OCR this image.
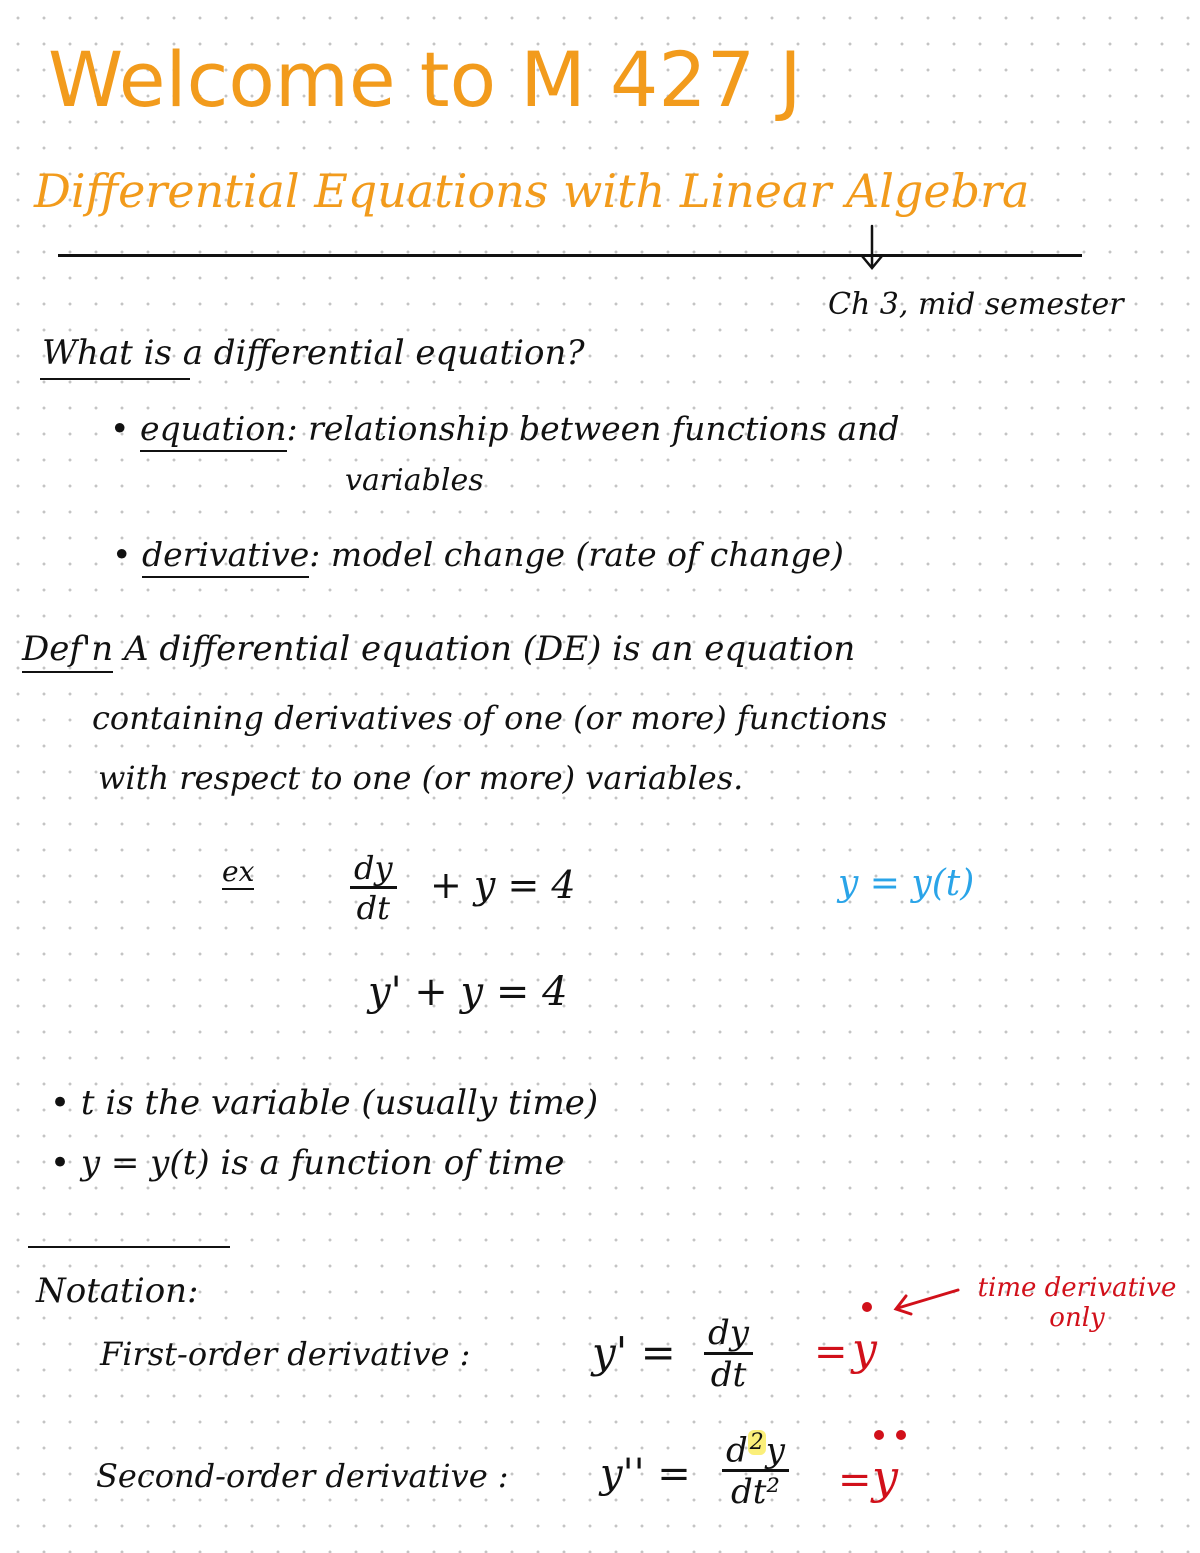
Welcome to M 427 J
Differential Equations with Linear Algebra
Ch 3, mid semester
What is a differential equation?
• equation: relationship between functions and
variables
• derivative: model change (rate of change)
Def'n A differential equation (DE) is an equation
containing derivatives of one (or more) functions
with respect to one (or more) variables.
ex	$\frac{dy}{dt} + y = 4$	y = y(t)
y' + y = 4
• t is the variable (usually time)
• y = y(t) is a function of time
Notation:
First-order derivative :	$y' = \frac{dy}{dt} = y$
time derivative only
Second-order derivative : $y'' = \frac{d^2y}{\text{dt²}} = y$
